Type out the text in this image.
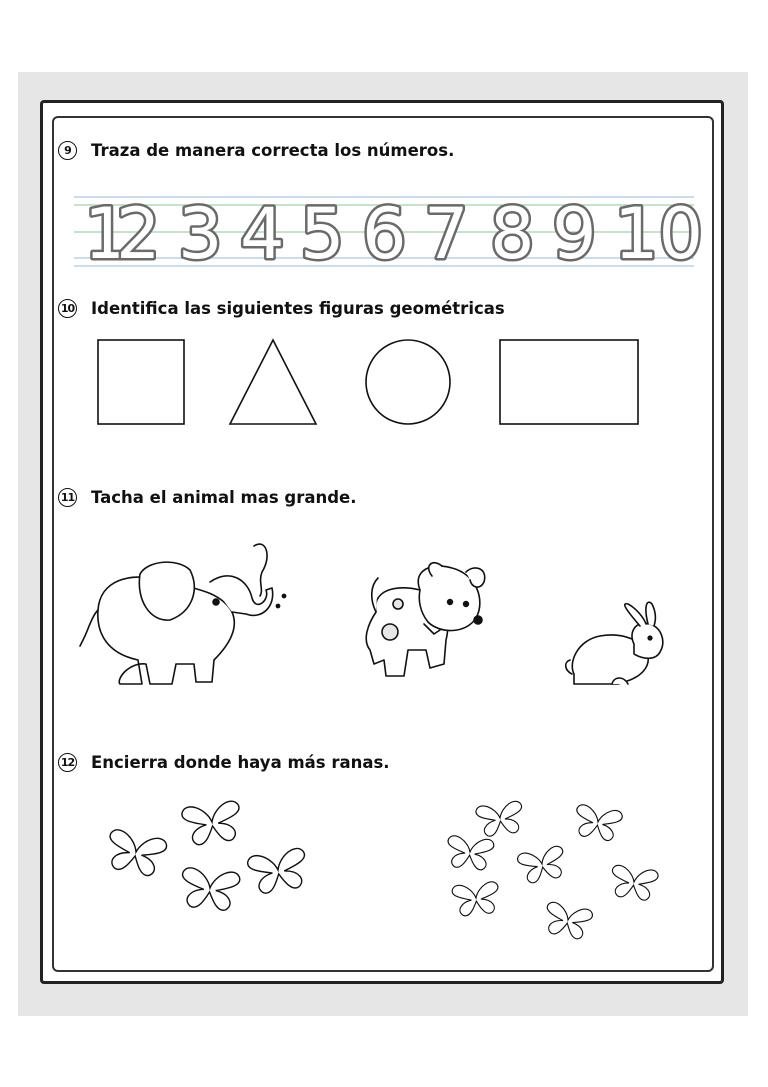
9	Traza de manera correcta los números.
10 Identifica las siguientes figuras geométricas
11 Tacha el animal mas grande.
12 Encierra donde haya más ranas.
1
2 3 4 5 6 7 8 9 10
